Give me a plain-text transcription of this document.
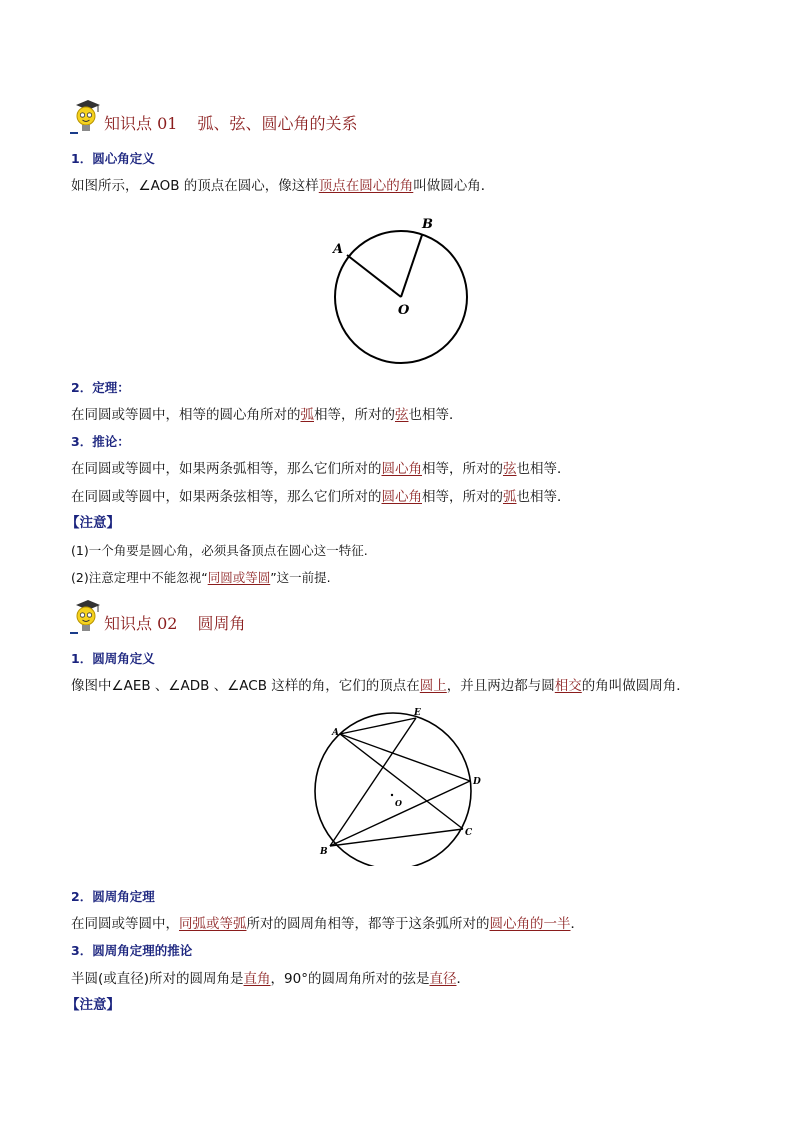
知识点 01 弧、弦、圆心角的关系
1．圆心角定义
如图所示，∠AOB 的顶点在圆心，像这样顶点在圆心的角叫做圆心角．
A
B
O
2．定理：
在同圆或等圆中，相等的圆心角所对的弧相等，所对的弦也相等．
3．推论：
在同圆或等圆中，如果两条弧相等，那么它们所对的圆心角相等，所对的弦也相等．
在同圆或等圆中，如果两条弦相等，那么它们所对的圆心角相等，所对的弧也相等．
【注意】
(1)一个角要是圆心角，必须具备顶点在圆心这一特征.
(2)注意定理中不能忽视“同圆或等圆”这一前提.
知识点 02 圆周角
1．圆周角定义
像图中∠AEB 、∠ADB 、∠ACB 这样的角，它们的顶点在圆上，并且两边都与圆相交的角叫做圆周角．
A
E
D
C
B
O
2．圆周角定理
在同圆或等圆中，同弧或等弧所对的圆周角相等，都等于这条弧所对的圆心角的一半．
3．圆周角定理的推论
半圆(或直径)所对的圆周角是直角，90°的圆周角所对的弦是直径．
【注意】
